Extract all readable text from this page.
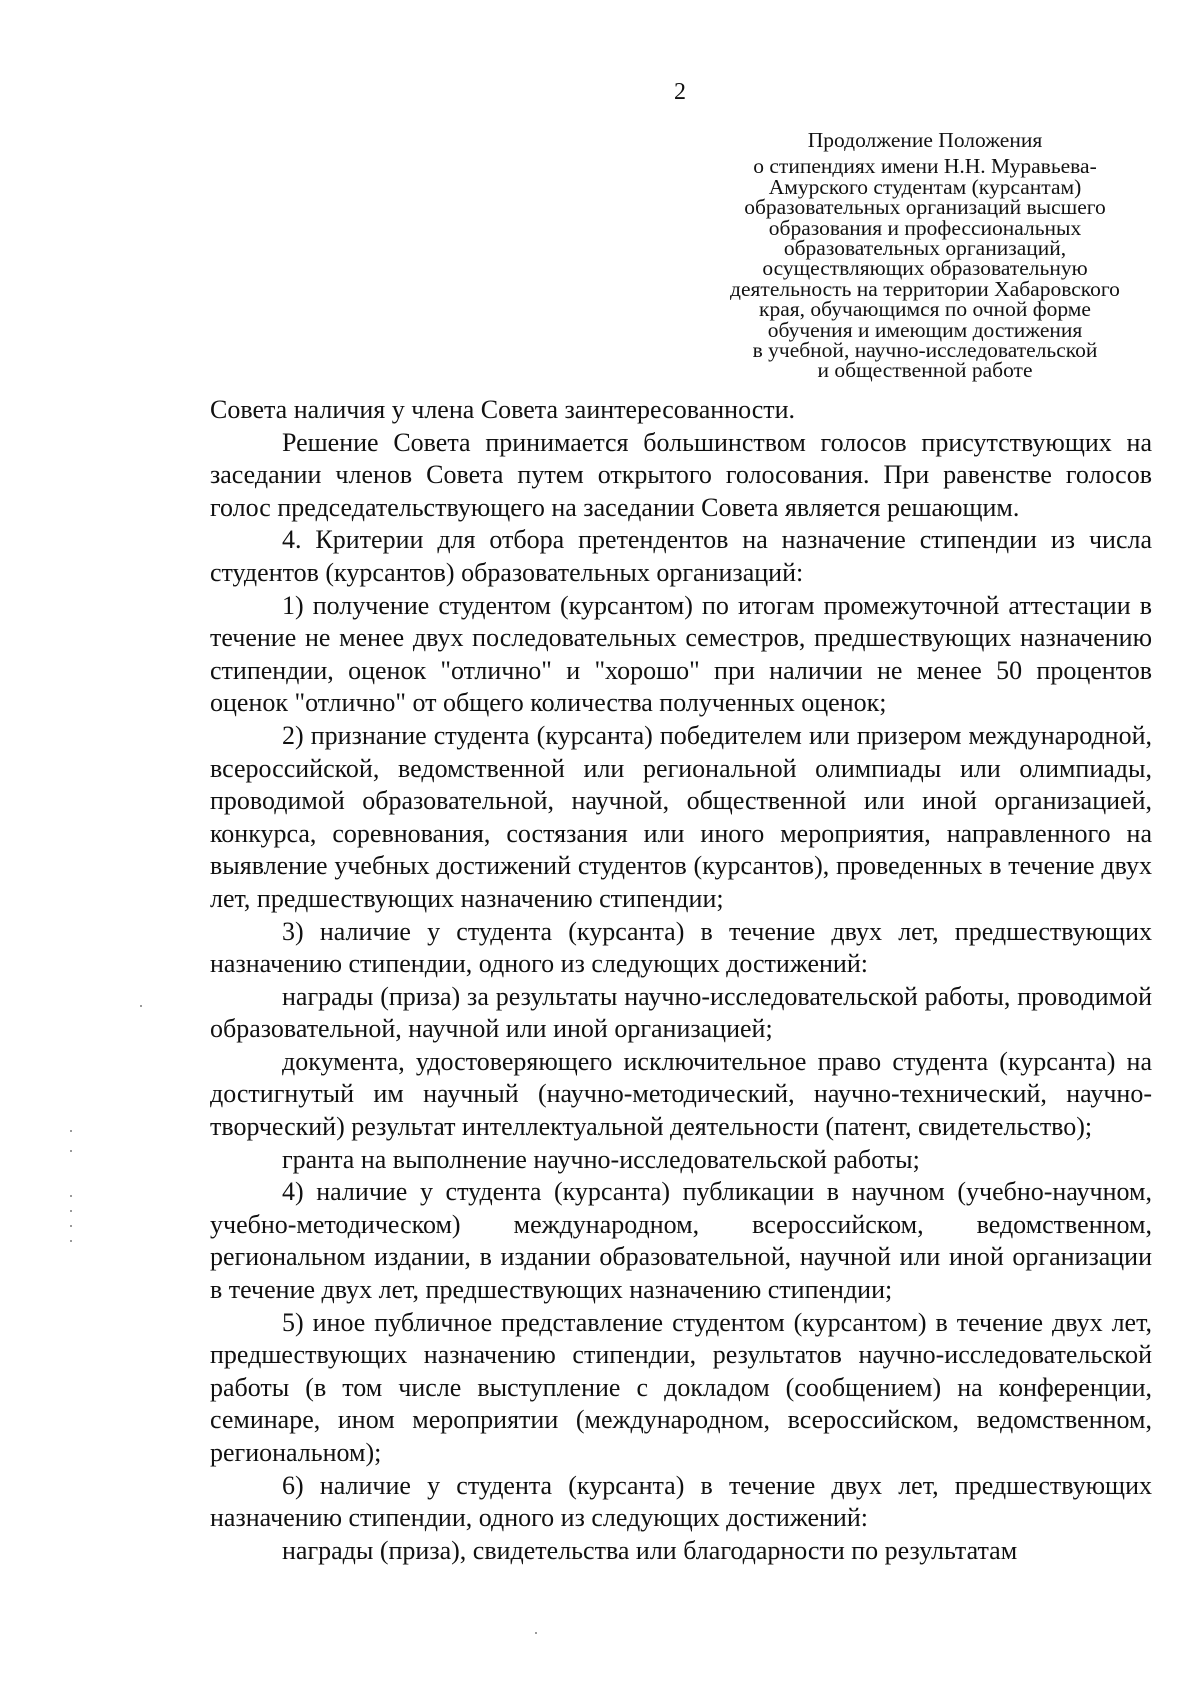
2
Продолжение Положения
о стипендиях имени Н.Н. Муравьева-
Амурского студентам (курсантам)
образовательных организаций высшего
образования и профессиональных
образовательных организаций,
осуществляющих образовательную
деятельность на территории Хабаровского
края, обучающимся по очной форме
обучения и имеющим достижения
в учебной, научно-исследовательской
и общественной работе

Совета наличия у члена Совета заинтересованности.

Решение Совета принимается большинством голосов присутствующих на заседании членов Совета путем открытого голосования. При равенстве голосов голос председательствующего на заседании Совета является решающим.

4. Критерии для отбора претендентов на назначение стипендии из числа студентов (курсантов) образовательных организаций:

1) получение студентом (курсантом) по итогам промежуточной аттестации в течение не менее двух последовательных семестров, предшествующих назначению стипендии, оценок "отлично" и "хорошо" при наличии не менее 50 процентов оценок "отлично" от общего количества полученных оценок;

2) признание студента (курсанта) победителем или призером международной, всероссийской, ведомственной или региональной олимпиады или олимпиады, проводимой образовательной, научной, общественной или иной организацией, конкурса, соревнования, состязания или иного мероприятия, направленного на выявление учебных достижений студентов (курсантов), проведенных в течение двух лет, предшествующих назначению стипендии;

3) наличие у студента (курсанта) в течение двух лет, предшествующих назначению стипендии, одного из следующих достижений:

награды (приза) за результаты научно-исследовательской работы, проводимой образовательной, научной или иной организацией;

документа, удостоверяющего исключительное право студента (курсанта) на достигнутый им научный (научно-методический, научно-технический, научно-творческий) результат интеллектуальной деятельности (патент, свидетельство);

гранта на выполнение научно-исследовательской работы;

4) наличие у студента (курсанта) публикации в научном (учебно-научном, учебно-методическом) международном, всероссийском, ведомственном, региональном издании, в издании образовательной, научной или иной организации в течение двух лет, предшествующих назначению стипендии;

5) иное публичное представление студентом (курсантом) в течение двух лет, предшествующих назначению стипендии, результатов научно-исследовательской работы (в том числе выступление с докладом (сообщением) на конференции, семинаре, ином мероприятии (международном, всероссийском, ведомственном, региональном);

6) наличие у студента (курсанта) в течение двух лет, предшествующих назначению стипендии, одного из следующих достижений:

награды (приза), свидетельства или благодарности по результатам
